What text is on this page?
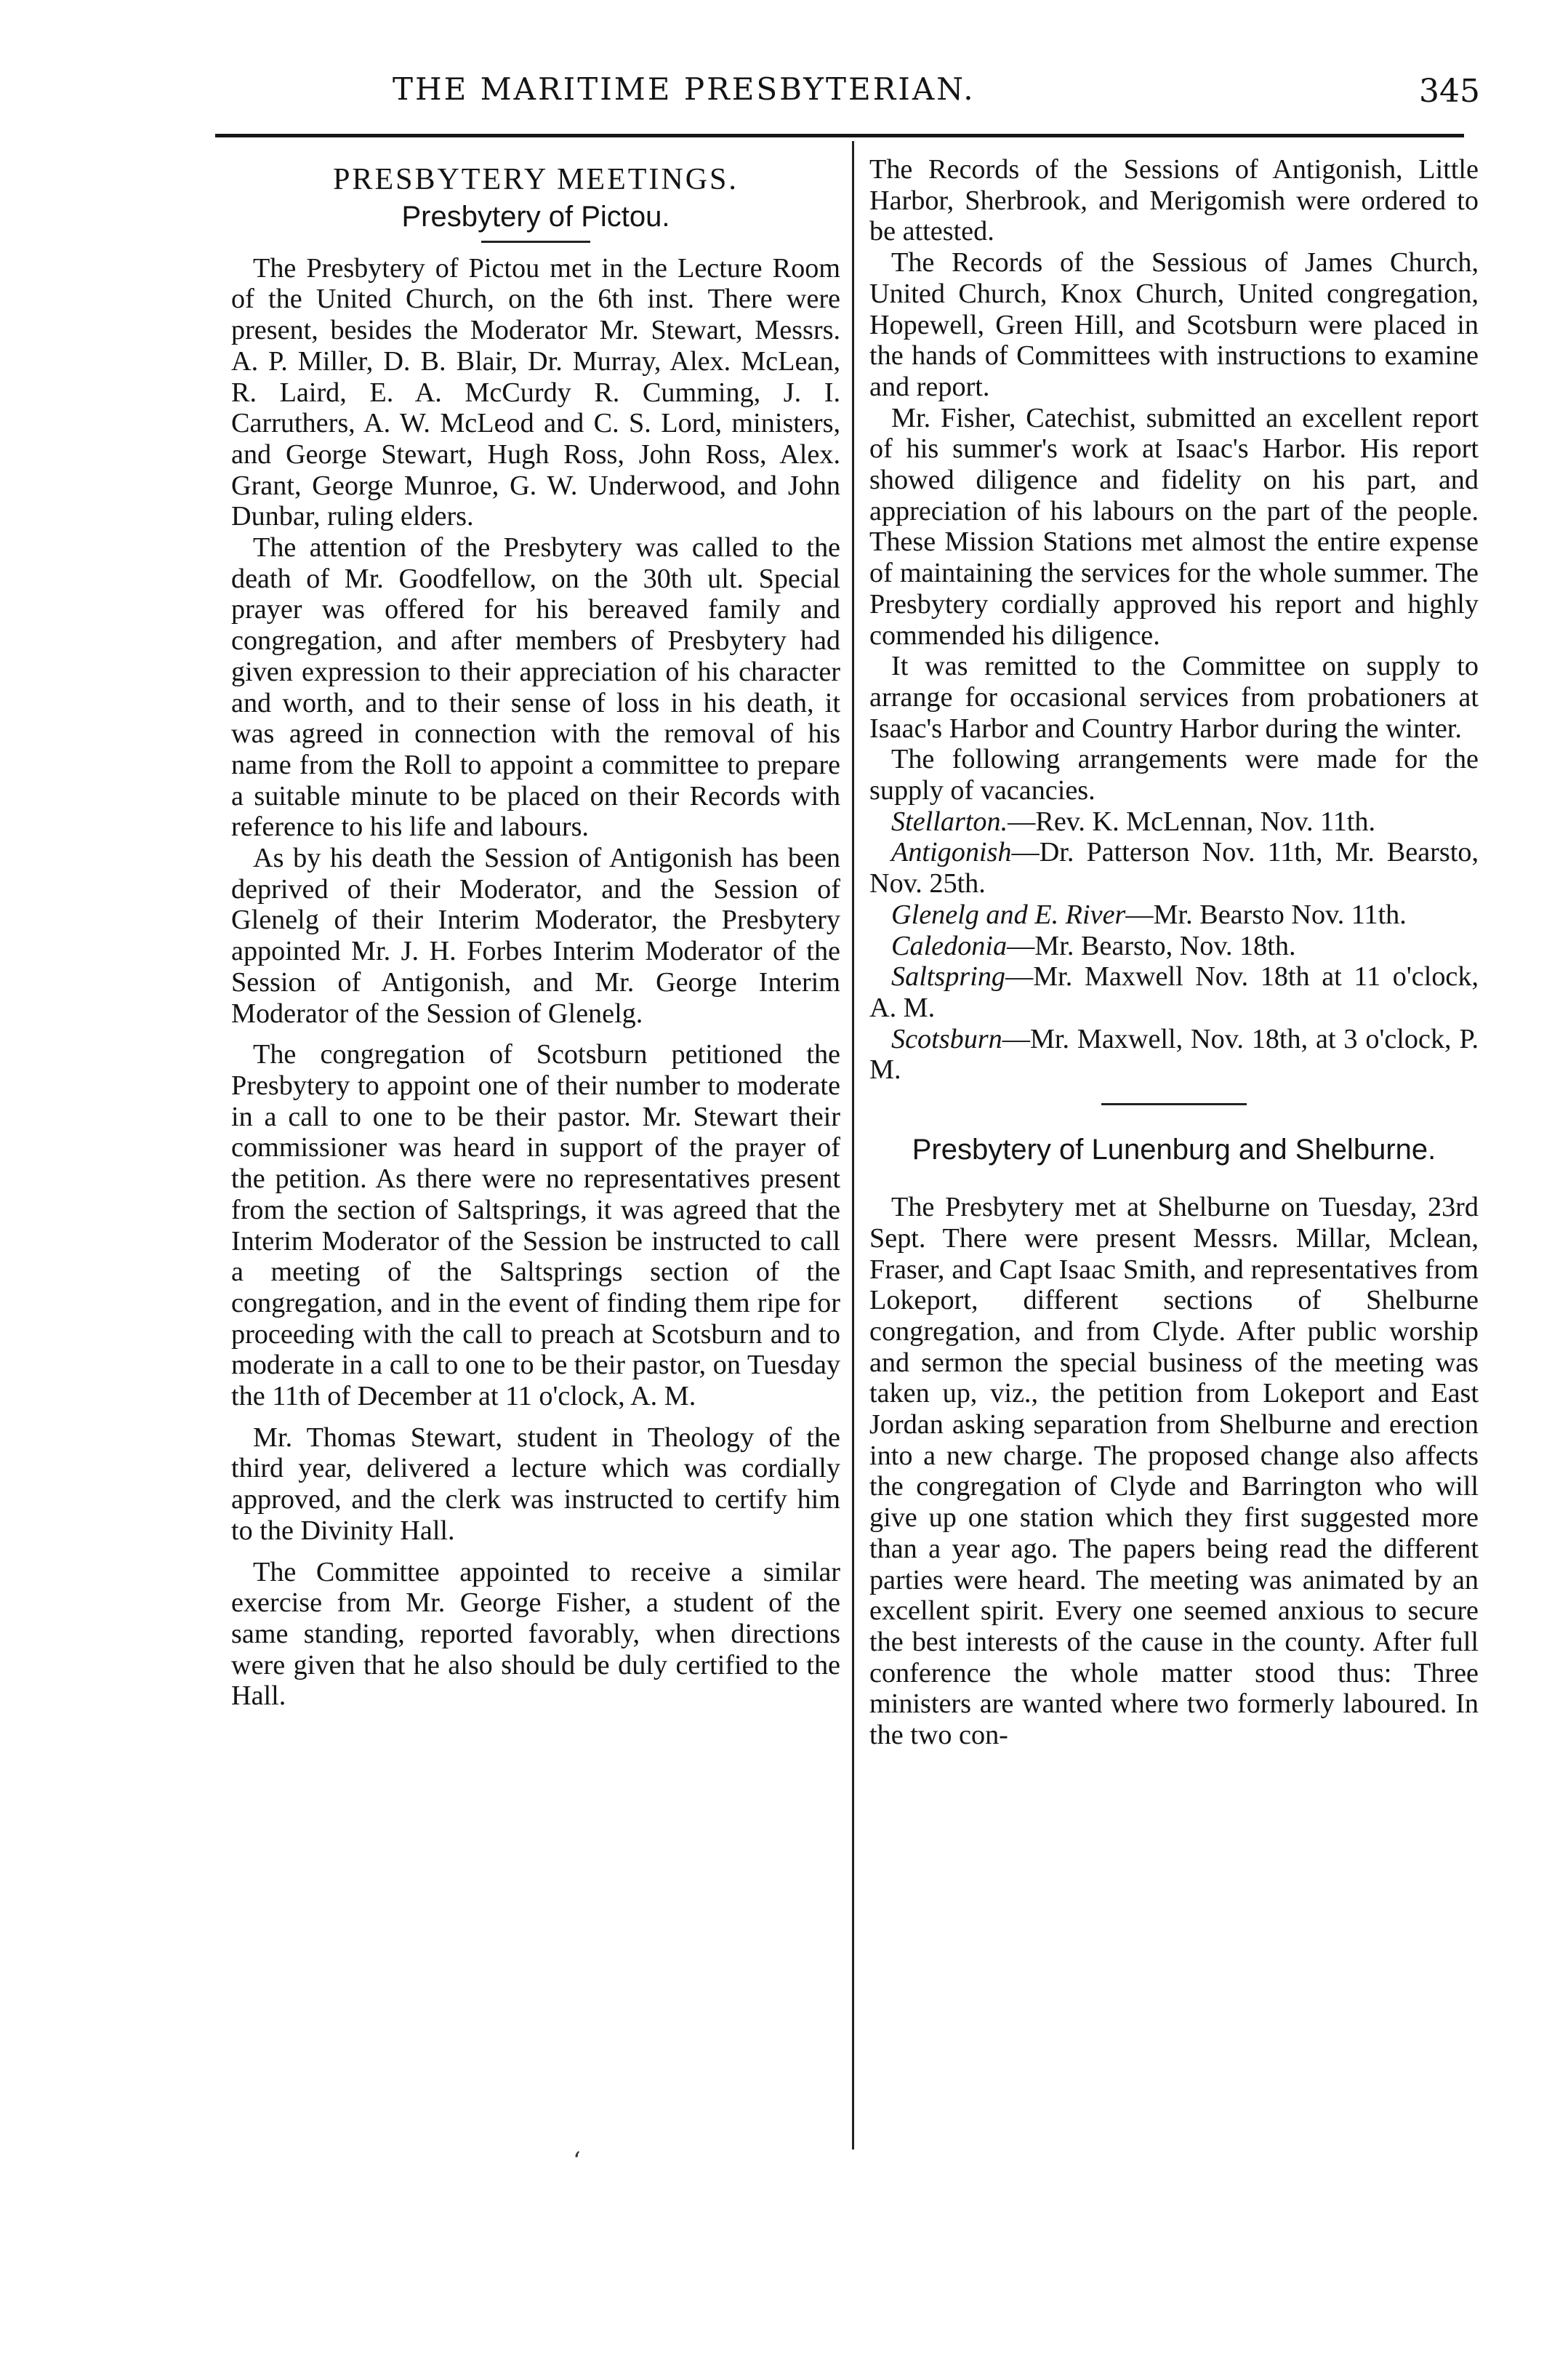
THE MARITIME PRESBYTERIAN.	345
PRESBYTERY MEETINGS.
Presbytery of Pictou.

The Presbytery of Pictou met in the Lecture Room of the United Church, on the 6th inst. There were present, besides the Moderator Mr. Stewart, Messrs. A. P. Miller, D. B. Blair, Dr. Murray, Alex. McLean, R. Laird, E. A. McCurdy R. Cumming, J. I. Carruthers, A. W. McLeod and C. S. Lord, ministers, and George Stewart, Hugh Ross, John Ross, Alex. Grant, George Munroe, G. W. Underwood, and John Dunbar, ruling elders.

The attention of the Presbytery was called to the death of Mr. Goodfellow, on the 30th ult. Special prayer was offered for his bereaved family and congregation, and after members of Presbytery had given expression to their appreciation of his character and worth, and to their sense of loss in his death, it was agreed in connection with the removal of his name from the Roll to appoint a committee to prepare a suitable minute to be placed on their Records with reference to his life and labours.

As by his death the Session of Antigonish has been deprived of their Moderator, and the Session of Glenelg of their Interim Moderator, the Presbytery appointed Mr. J. H. Forbes Interim Moderator of the Session of Antigonish, and Mr. George Interim Moderator of the Session of Glenelg.

The congregation of Scotsburn petitioned the Presbytery to appoint one of their number to moderate in a call to one to be their pastor. Mr. Stewart their commissioner was heard in support of the prayer of the petition. As there were no representatives present from the section of Saltsprings, it was agreed that the Interim Moderator of the Session be instructed to call a meeting of the Saltsprings section of the congregation, and in the event of finding them ripe for proceeding with the call to preach at Scotsburn and to moderate in a call to one to be their pastor, on Tuesday the 11th of December at 11 o'clock, A. M.

Mr. Thomas Stewart, student in Theology of the third year, delivered a lecture which was cordially approved, and the clerk was instructed to certify him to the Divinity Hall.

The Committee appointed to receive a similar exercise from Mr. George Fisher, a student of the same standing, reported favorably, when directions were given that he also should be duly certified to the Hall.

The Records of the Sessions of Antigonish, Little Harbor, Sherbrook, and Merigomish were ordered to be attested.

The Records of the Sessious of James Church, United Church, Knox Church, United congregation, Hopewell, Green Hill, and Scotsburn were placed in the hands of Committees with instructions to examine and report.

Mr. Fisher, Catechist, submitted an excellent report of his summer's work at Isaac's Harbor. His report showed diligence and fidelity on his part, and appreciation of his labours on the part of the people. These Mission Stations met almost the entire expense of maintaining the services for the whole summer. The Presbytery cordially approved his report and highly commended his diligence.

It was remitted to the Committee on supply to arrange for occasional services from probationers at Isaac's Harbor and Country Harbor during the winter.

The following arrangements were made for the supply of vacancies.

Stellarton.—Rev. K. McLennan, Nov. 11th.

Antigonish—Dr. Patterson Nov. 11th, Mr. Bearsto, Nov. 25th.

Glenelg and E. River—Mr. Bearsto Nov. 11th.

Caledonia—Mr. Bearsto, Nov. 18th.

Saltspring—Mr. Maxwell Nov. 18th at 11 o'clock, A. M.

Scotsburn—Mr. Maxwell, Nov. 18th, at 3 o'clock, P. M.

Presbytery of Lunenburg and Shelburne.

The Presbytery met at Shelburne on Tuesday, 23rd Sept. There were present Messrs. Millar, Mclean, Fraser, and Capt Isaac Smith, and representatives from Lokeport, different sections of Shelburne congregation, and from Clyde. After public worship and sermon the special business of the meeting was taken up, viz., the petition from Lokeport and East Jordan asking separation from Shelburne and erection into a new charge. The proposed change also affects the congregation of Clyde and Barrington who will give up one station which they first suggested more than a year ago. The papers being read the different parties were heard. The meeting was animated by an excellent spirit. Every one seemed anxious to secure the best interests of the cause in the county. After full conference the whole matter stood thus: Three ministers are wanted where two formerly laboured. In the two con-

‘
